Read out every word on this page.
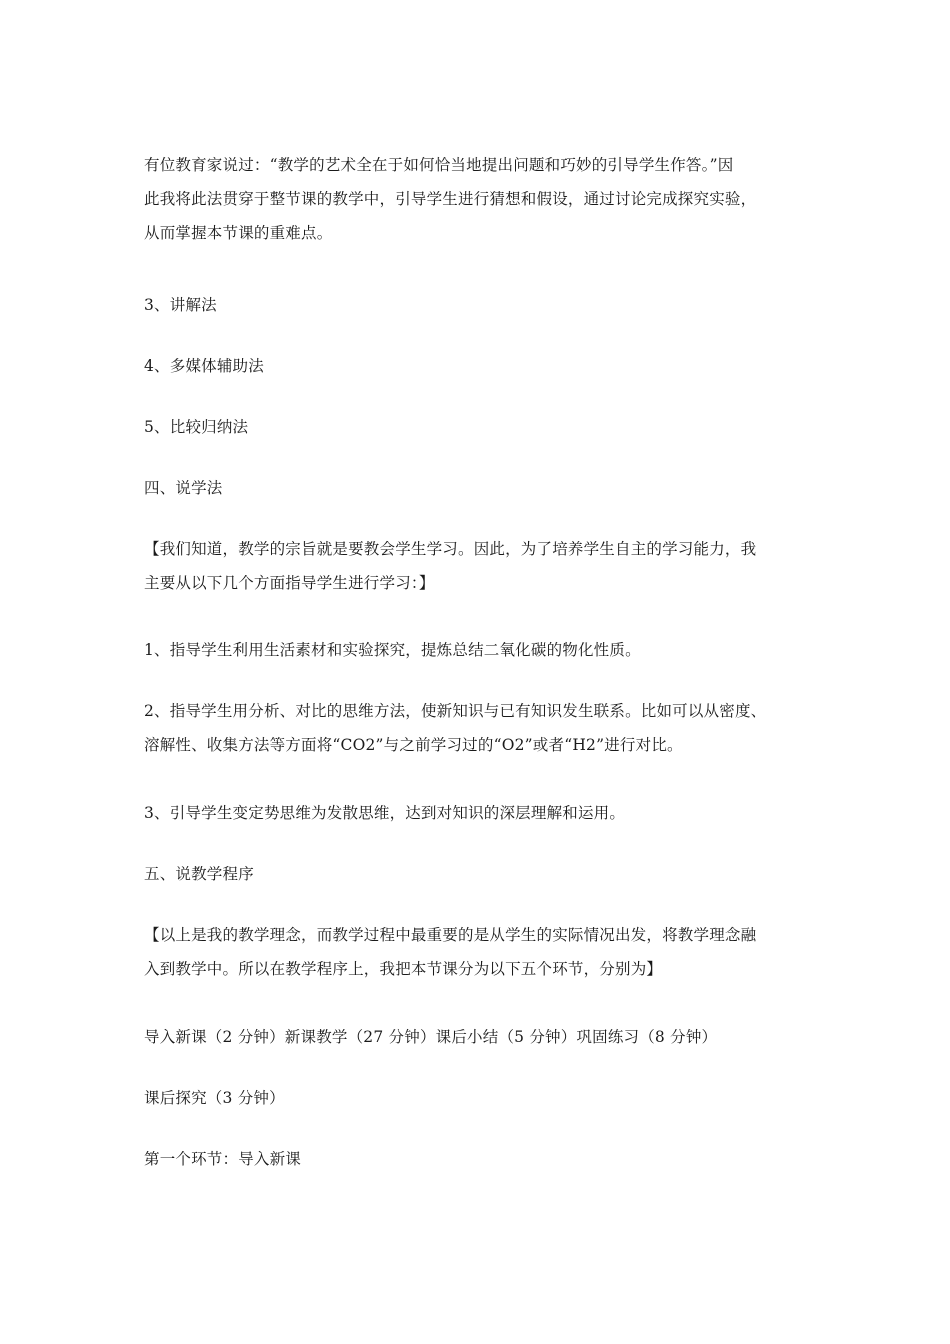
有位教育家说过：“教学的艺术全在于如何恰当地提出问题和巧妙的引导学生作答。”因
此我将此法贯穿于整节课的教学中，引导学生进行猜想和假设，通过讨论完成探究实验，
从而掌握本节课的重难点。

3、讲解法

4、多媒体辅助法

5、比较归纳法

四、说学法

【我们知道，教学的宗旨就是要教会学生学习。因此，为了培养学生自主的学习能力，我
主要从以下几个方面指导学生进行学习：】

1、指导学生利用生活素材和实验探究，提炼总结二氧化碳的物化性质。

2、指导学生用分析、对比的思维方法，使新知识与已有知识发生联系。比如可以从密度、
溶解性、收集方法等方面将“CO2”与之前学习过的“O2”或者“H2”进行对比。

3、引导学生变定势思维为发散思维，达到对知识的深层理解和运用。

五、说教学程序

【以上是我的教学理念，而教学过程中最重要的是从学生的实际情况出发，将教学理念融
入到教学中。所以在教学程序上，我把本节课分为以下五个环节，分别为】

导入新课（2 分钟）新课教学（27 分钟）课后小结（5 分钟）巩固练习（8 分钟）

课后探究（3 分钟）

第一个环节：导入新课
